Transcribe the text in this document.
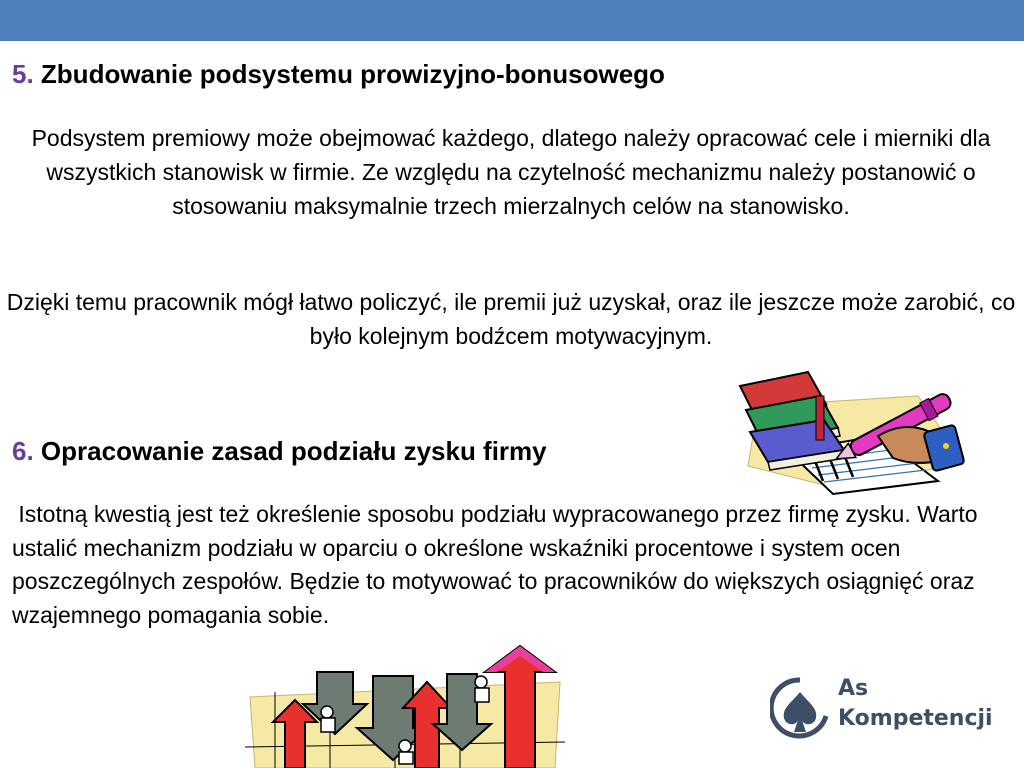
5. Zbudowanie podsystemu prowizyjno-bonusowego

Podsystem premiowy może obejmować każdego, dlatego należy opracować cele i mierniki dla wszystkich stanowisk w firmie. Ze względu na czytelność mechanizmu należy postanowić o stosowaniu maksymalnie trzech mierzalnych celów na stanowisko.

Dzięki temu pracownik mógł łatwo policzyć, ile premii już uzyskał, oraz ile jeszcze może zarobić, co było kolejnym bodźcem motywacyjnym.

6. Opracowanie zasad podziału zysku firmy

Istotną kwestią jest też określenie sposobu podziału wypracowanego przez firmę zysku. Warto ustalić mechanizm podziału w oparciu o określone wskaźniki procentowe i system ocen poszczególnych zespołów. Będzie to motywować to pracowników do większych osiągnięć oraz wzajemnego pomagania sobie.

As
Kompetencji
